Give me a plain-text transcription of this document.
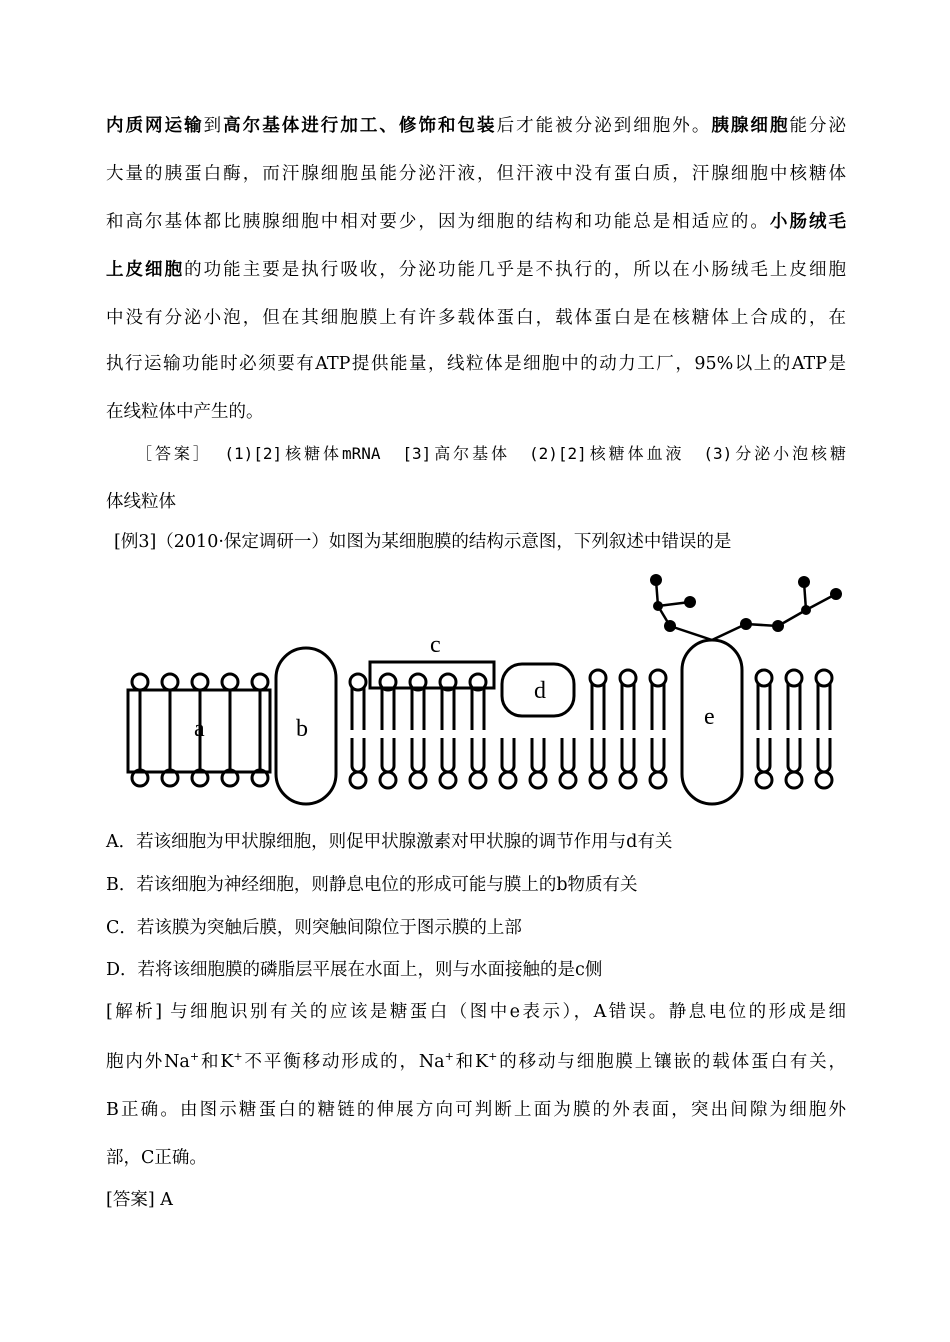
内质网运输到高尔基体进行加工、修饰和包装后才能被分泌到细胞外。胰腺细胞能分泌
大量的胰蛋白酶，而汗腺细胞虽能分泌汗液，但汗液中没有蛋白质，汗腺细胞中核糖体
和高尔基体都比胰腺细胞中相对要少，因为细胞的结构和功能总是相适应的。小肠绒毛
上皮细胞的功能主要是执行吸收，分泌功能几乎是不执行的，所以在小肠绒毛上皮细胞
中没有分泌小泡，但在其细胞膜上有许多载体蛋白，载体蛋白是在核糖体上合成的，在
执行运输功能时必须要有ATP提供能量，线粒体是细胞中的动力工厂，95%以上的ATP是
在线粒体中产生的。
［答案］ (1)[2]核糖体mRNA　[3]高尔基体　(2)[2]核糖体血液　(3)分泌小泡核糖
体线粒体
[例3]（2010·保定调研一）如图为某细胞膜的结构示意图，下列叙述中错误的是
a	b
c
d
e
A．若该细胞为甲状腺细胞，则促甲状腺激素对甲状腺的调节作用与d有关
B．若该细胞为神经细胞，则静息电位的形成可能与膜上的b物质有关
C．若该膜为突触后膜，则突触间隙位于图示膜的上部
D．若将该细胞膜的磷脂层平展在水面上，则与水面接触的是c侧
[解析] 与细胞识别有关的应该是糖蛋白（图中e表示），A错误。静息电位的形成是细
胞内外Na+和K+不平衡移动形成的，Na+和K+的移动与细胞膜上镶嵌的载体蛋白有关，
B正确。由图示糖蛋白的糖链的伸展方向可判断上面为膜的外表面，突出间隙为细胞外
部，C正确。
[答案] A
